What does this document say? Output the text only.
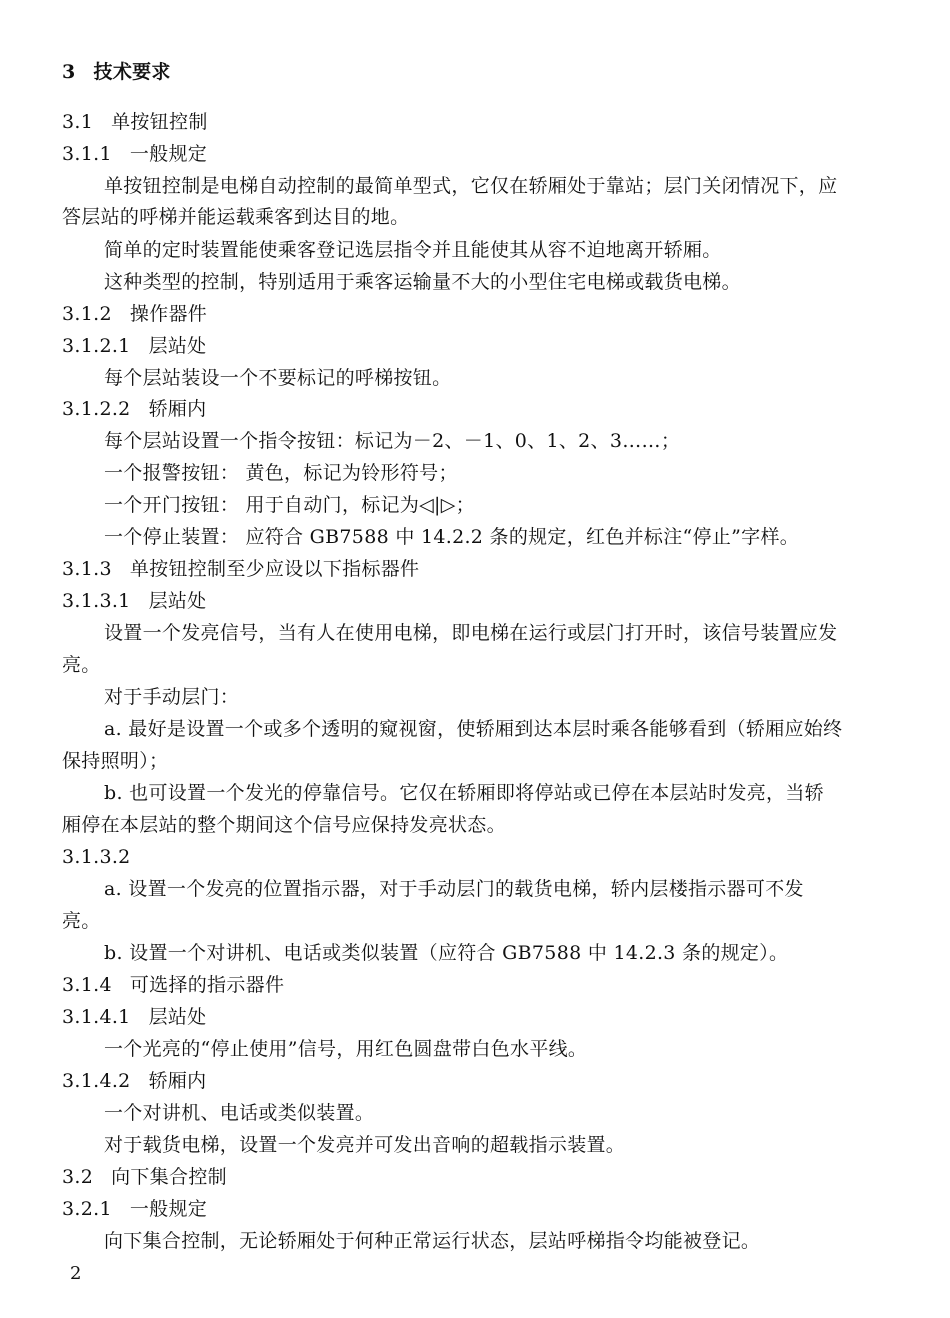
3 技术要求
3.1 单按钮控制
3.1.1 一般规定
单按钮控制是电梯自动控制的最简单型式，它仅在轿厢处于靠站；层门关闭情况下，应
答层站的呼梯并能运载乘客到达目的地。
简单的定时装置能使乘客登记选层指令并且能使其从容不迫地离开轿厢。
这种类型的控制，特别适用于乘客运输量不大的小型住宅电梯或载货电梯。
3.1.2 操作器件
3.1.2.1 层站处
每个层站装设一个不要标记的呼梯按钮。
3.1.2.2 轿厢内
每个层站设置一个指令按钮：标记为－2、－1、0、1、2、3……；
一个报警按钮： 黄色，标记为铃形符号；
一个开门按钮： 用于自动门，标记为◁|▷；
一个停止装置： 应符合 GB7588 中 14.2.2 条的规定，红色并标注“停止”字样。
3.1.3 单按钮控制至少应设以下指标器件
3.1.3.1 层站处
设置一个发亮信号，当有人在使用电梯，即电梯在运行或层门打开时，该信号装置应发
亮。
对于手动层门：
a. 最好是设置一个或多个透明的窥视窗，使轿厢到达本层时乘各能够看到（轿厢应始终
保持照明）；
b. 也可设置一个发光的停靠信号。它仅在轿厢即将停站或已停在本层站时发亮，当轿
厢停在本层站的整个期间这个信号应保持发亮状态。
3.1.3.2
a. 设置一个发亮的位置指示器，对于手动层门的载货电梯，轿内层楼指示器可不发
亮。
b. 设置一个对讲机、电话或类似装置（应符合 GB7588 中 14.2.3 条的规定）。
3.1.4 可选择的指示器件
3.1.4.1 层站处
一个光亮的“停止使用”信号，用红色圆盘带白色水平线。
3.1.4.2 轿厢内
一个对讲机、电话或类似装置。
对于载货电梯，设置一个发亮并可发出音响的超载指示装置。
3.2 向下集合控制
3.2.1 一般规定
向下集合控制，无论轿厢处于何种正常运行状态，层站呼梯指令均能被登记。
2
